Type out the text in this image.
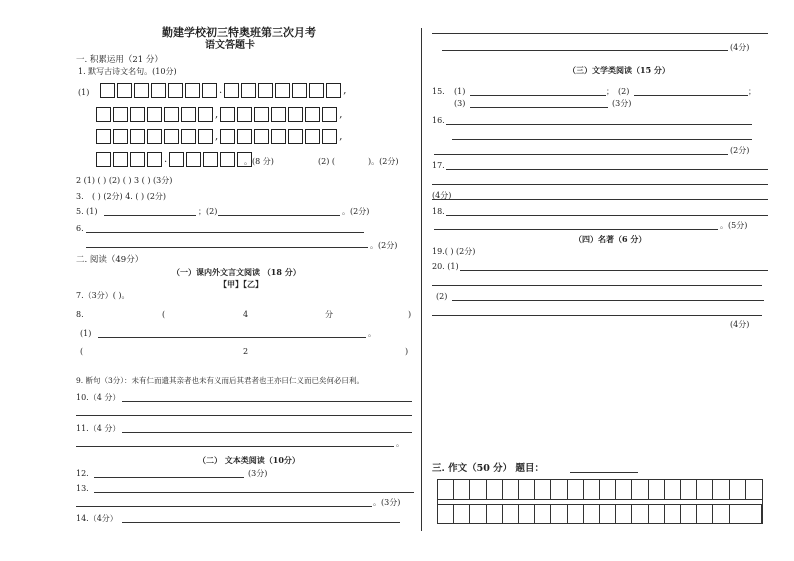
勤建学校初三特奥班第三次月考
语文答题卡
一. 积累运用（21 分）
1. 默写古诗文名句。(10分)
(1)	.	,
,	,
,	,
.	。(8 分)	(2) (	)。(2分)
2 (1) ( ) (2) ( ) 3 ( ) (3分)
3. ( ) (2分) 4. ( ) (2分)
5. (1)	；(2)	。(2分)
6.
。(2分)
二. 阅读（49分）
（一）课内外文言文阅读 （18 分）
【甲】【乙】
7.（3分）( )。
8.	(	4	分	)
(1)	。
(	2	)
9. 断句（3分）：未有仁而遗其亲者也未有义而后其君者也王亦曰仁义而已矣何必曰利。
10.（4 分）
11.（4 分）
。
（二） 文本类阅读（10分）
12.	(3分)
13.
。(3分)
14.（4分）
(4分)
（三）文学类阅读（15 分）
15. (1)	； (2)	；
(3)	(3分)
16.
(2分)
17.
(4分)
18.
。(5分)
（四）名著（6 分）
19.( ) (2分)
20. (1)
(2)
(4分)
三. 作文（50 分） 题目：
